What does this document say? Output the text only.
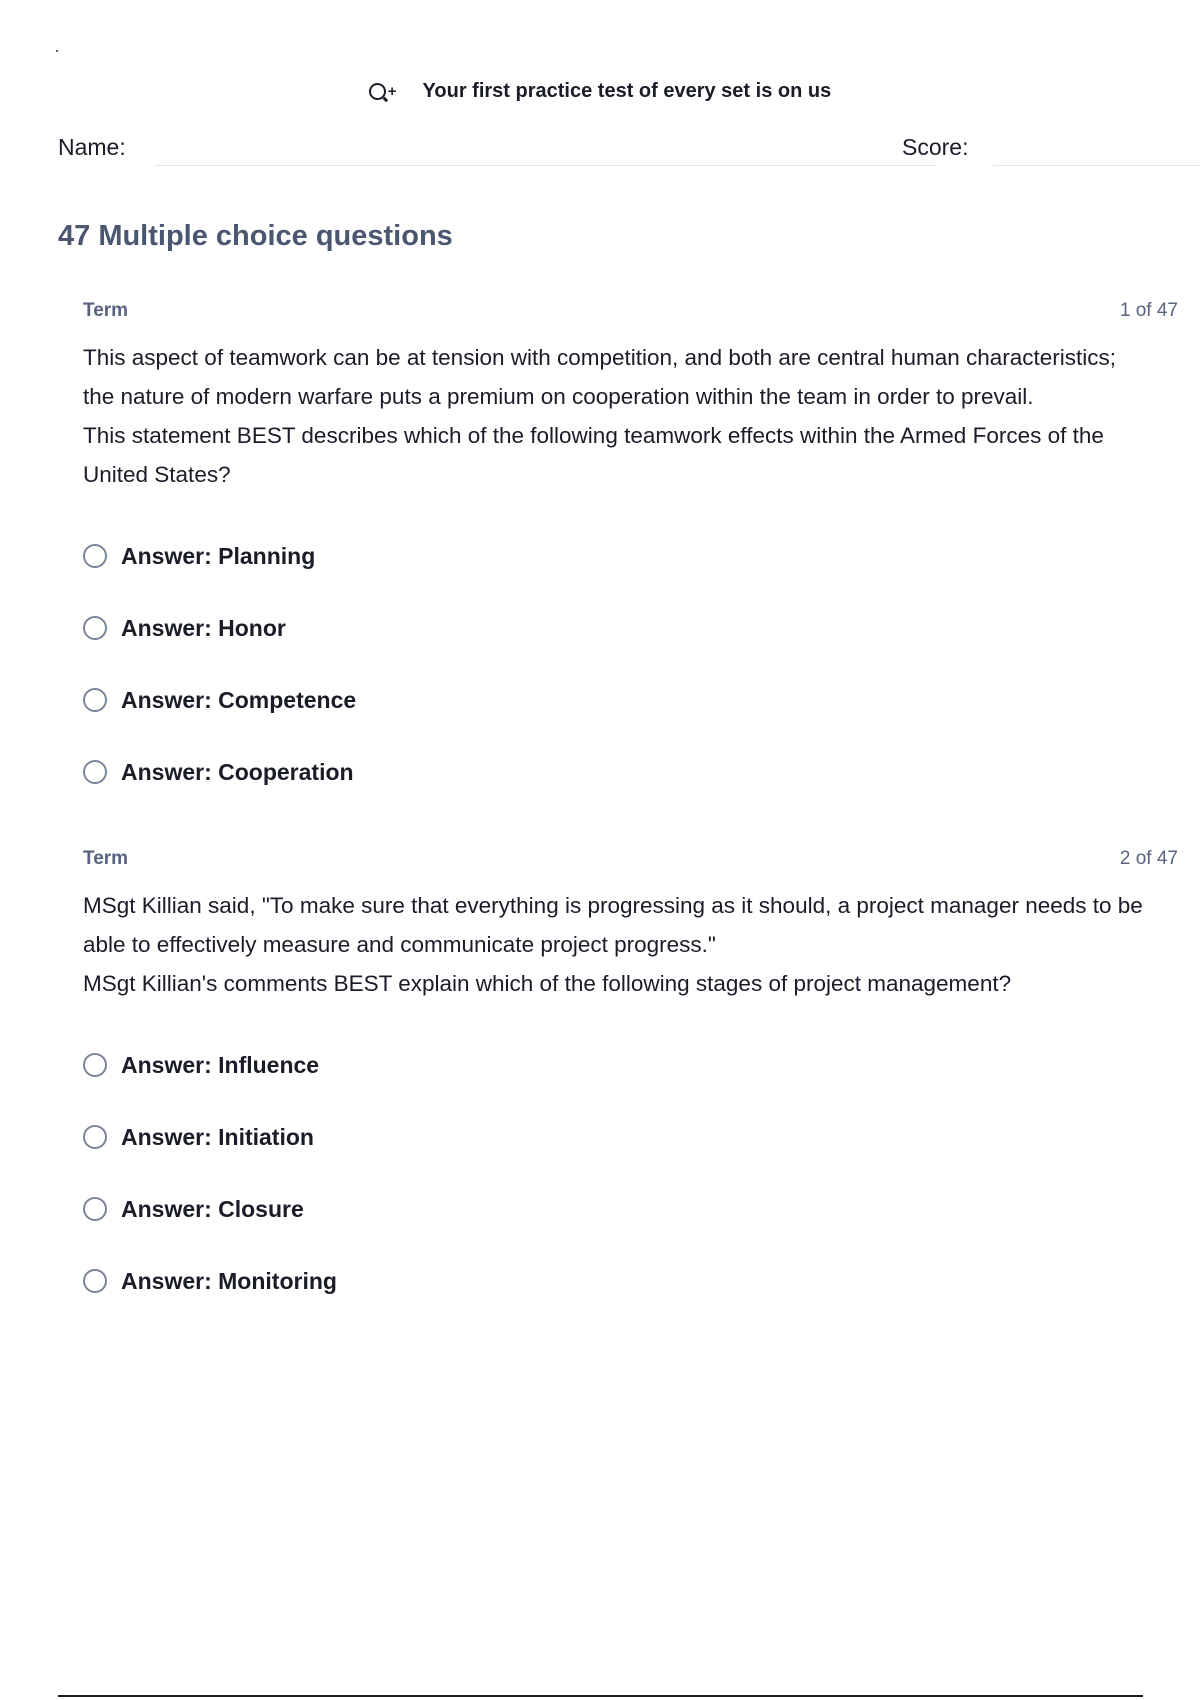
+ Your first practice test of every set is on us
Name:	Score:
47 Multiple choice questions
Term	1 of 47

This aspect of teamwork can be at tension with competition, and both are central human characteristics; the nature of modern warfare puts a premium on cooperation within the team in order to prevail.

This statement BEST describes which of the following teamwork effects within the Armed Forces of the United States?

Answer: Planning
Answer: Honor
Answer: Competence
Answer: Cooperation
Term	2 of 47

MSgt Killian said, "To make sure that everything is progressing as it should, a project manager needs to be able to effectively measure and communicate project progress."

MSgt Killian's comments BEST explain which of the following stages of project management?

Answer: Influence
Answer: Initiation
Answer: Closure
Answer: Monitoring
